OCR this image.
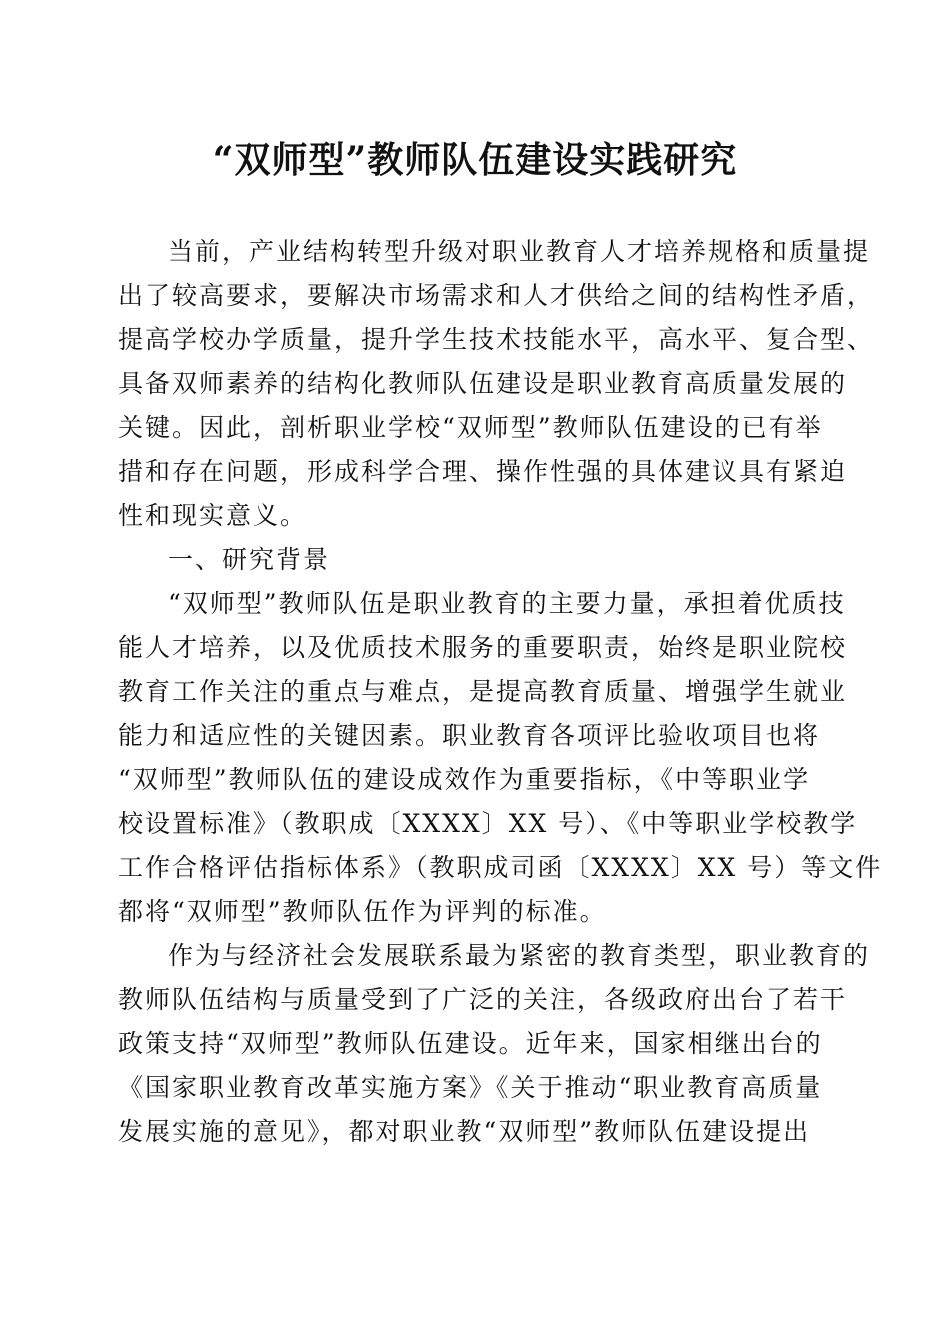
“双师型”教师队伍建设实践研究

当前，产业结构转型升级对职业教育人才培养规格和质量提
出了较高要求，要解决市场需求和人才供给之间的结构性矛盾，
提高学校办学质量，提升学生技术技能水平，高水平、复合型、
具备双师素养的结构化教师队伍建设是职业教育高质量发展的
关键。因此，剖析职业学校“双师型”教师队伍建设的已有举
措和存在问题，形成科学合理、操作性强的具体建议具有紧迫
性和现实意义。

一、研究背景

“双师型”教师队伍是职业教育的主要力量，承担着优质技
能人才培养，以及优质技术服务的重要职责，始终是职业院校
教育工作关注的重点与难点，是提高教育质量、增强学生就业
能力和适应性的关键因素。职业教育各项评比验收项目也将
“双师型”教师队伍的建设成效作为重要指标，《中等职业学
校设置标准》（教职成〔XXXX〕XX 号）、《中等职业学校教学
工作合格评估指标体系》（教职成司函〔XXXX〕XX 号）等文件
都将“双师型”教师队伍作为评判的标准。

作为与经济社会发展联系最为紧密的教育类型，职业教育的
教师队伍结构与质量受到了广泛的关注，各级政府出台了若干
政策支持“双师型”教师队伍建设。近年来，国家相继出台的
《国家职业教育改革实施方案》《关于推动“职业教育高质量
发展实施的意见》，都对职业教“双师型”教师队伍建设提出
